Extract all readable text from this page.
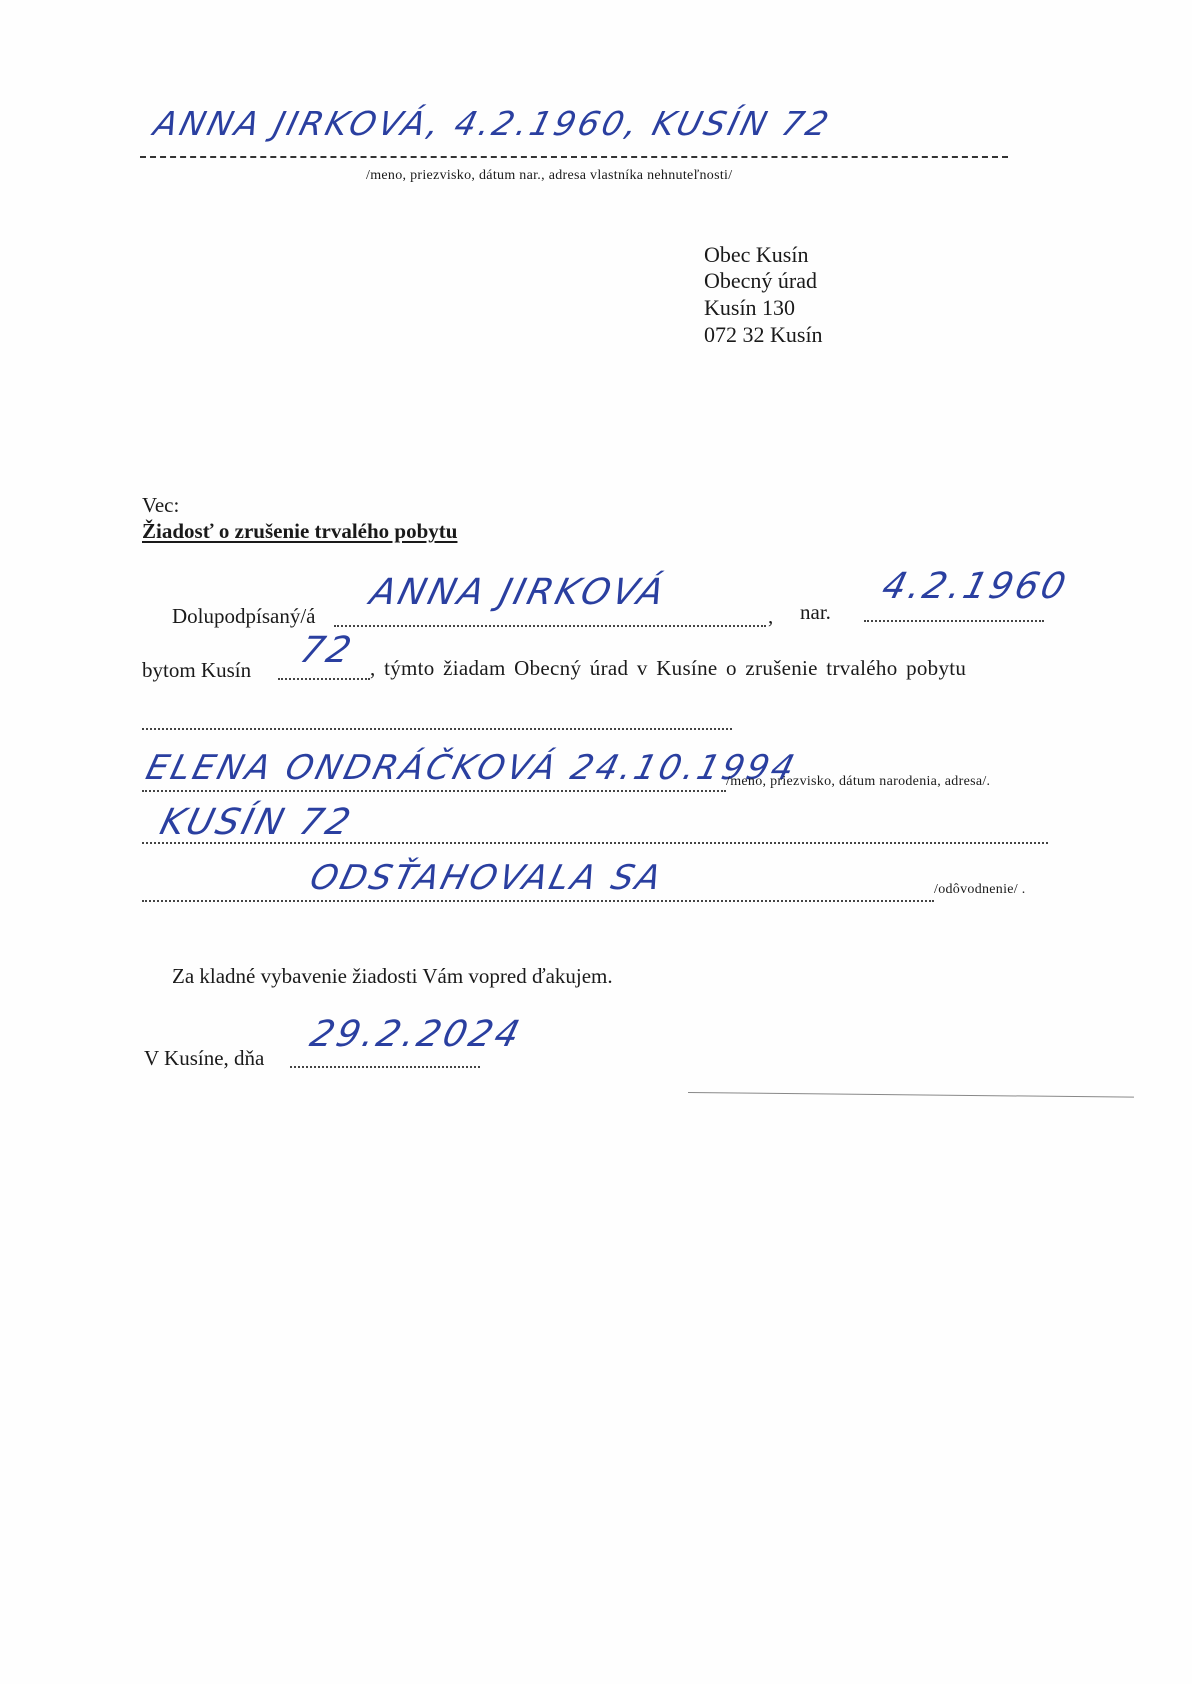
ANNA JIRKOVÁ, 4.2.1960, KUSÍN 72
/meno, priezvisko, dátum nar., adresa vlastníka nehnuteľnosti/
Obec Kusín
Obecný úrad
Kusín 130
072 32 Kusín
Vec:
Žiadosť o zrušenie trvalého pobytu
Dolupodpísaný/á	,
ANNA JIRKOVÁ	nar.
4.2.1960
bytom Kusín 72 , týmto žiadam Obecný úrad v Kusíne o zrušenie trvalého pobytu
ELENA ONDRÁČKOVÁ 24.10.1994
/meno, priezvisko, dátum narodenia, adresa/.
KUSÍN 72
ODSŤAHOVALA SA	/odôvodnenie/ .
Za kladné vybavenie žiadosti Vám vopred ďakujem.
V Kusíne, dňa
29.2.2024
